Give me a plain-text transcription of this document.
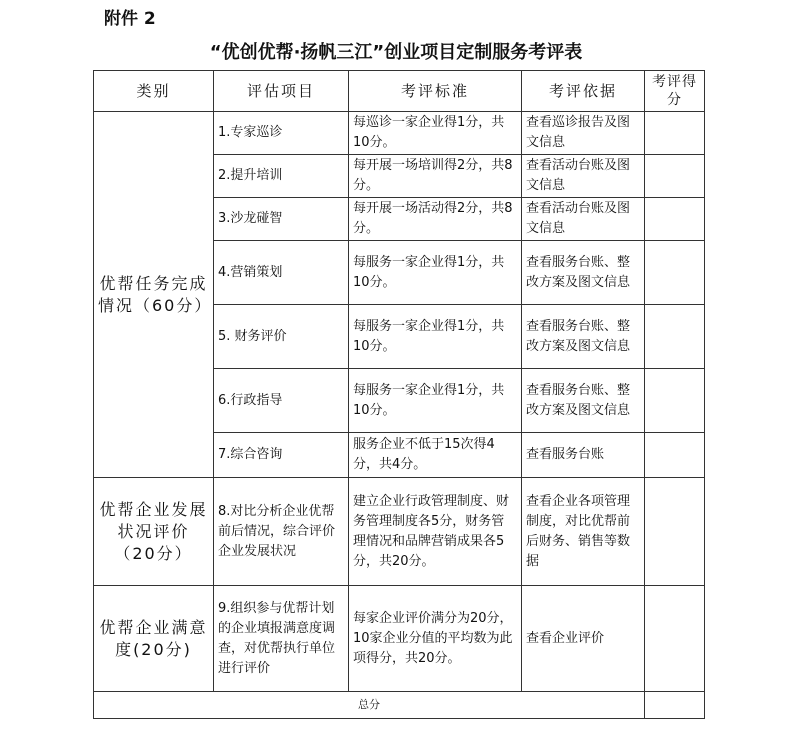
附件 2
“优创优帮·扬帆三江”创业项目定制服务考评表
类别	评估项目	考评标准	考评依据	考评得分
优帮任务完成情况（60分）	1.专家巡诊	每巡诊一家企业得1分，共10分。	查看巡诊报告及图文信息	
	2.提升培训	每开展一场培训得2分，共8分。	查看活动台账及图文信息	
	3.沙龙碰智	每开展一场活动得2分，共8分。	查看活动台账及图文信息	
	4.营销策划	每服务一家企业得1分，共10分。	查看服务台账、整改方案及图文信息	
	5. 财务评价	每服务一家企业得1分，共10分。	查看服务台账、整改方案及图文信息	
	6.行政指导	每服务一家企业得1分，共10分。	查看服务台账、整改方案及图文信息	
	7.综合咨询	服务企业不低于15次得4分，共4分。	查看服务台账	
优帮企业发展状况评价（20分）	8.对比分析企业优帮前后情况，综合评价企业发展状况	建立企业行政管理制度、财务管理制度各5分，财务管理情况和品牌营销成果各5分，共20分。	查看企业各项管理制度，对比优帮前后财务、销售等数据	
优帮企业满意度(20分)	9.组织参与优帮计划的企业填报满意度调查，对优帮执行单位进行评价	每家企业评价满分为20分，10家企业分值的平均数为此项得分，共20分。	查看企业评价	
总分				
